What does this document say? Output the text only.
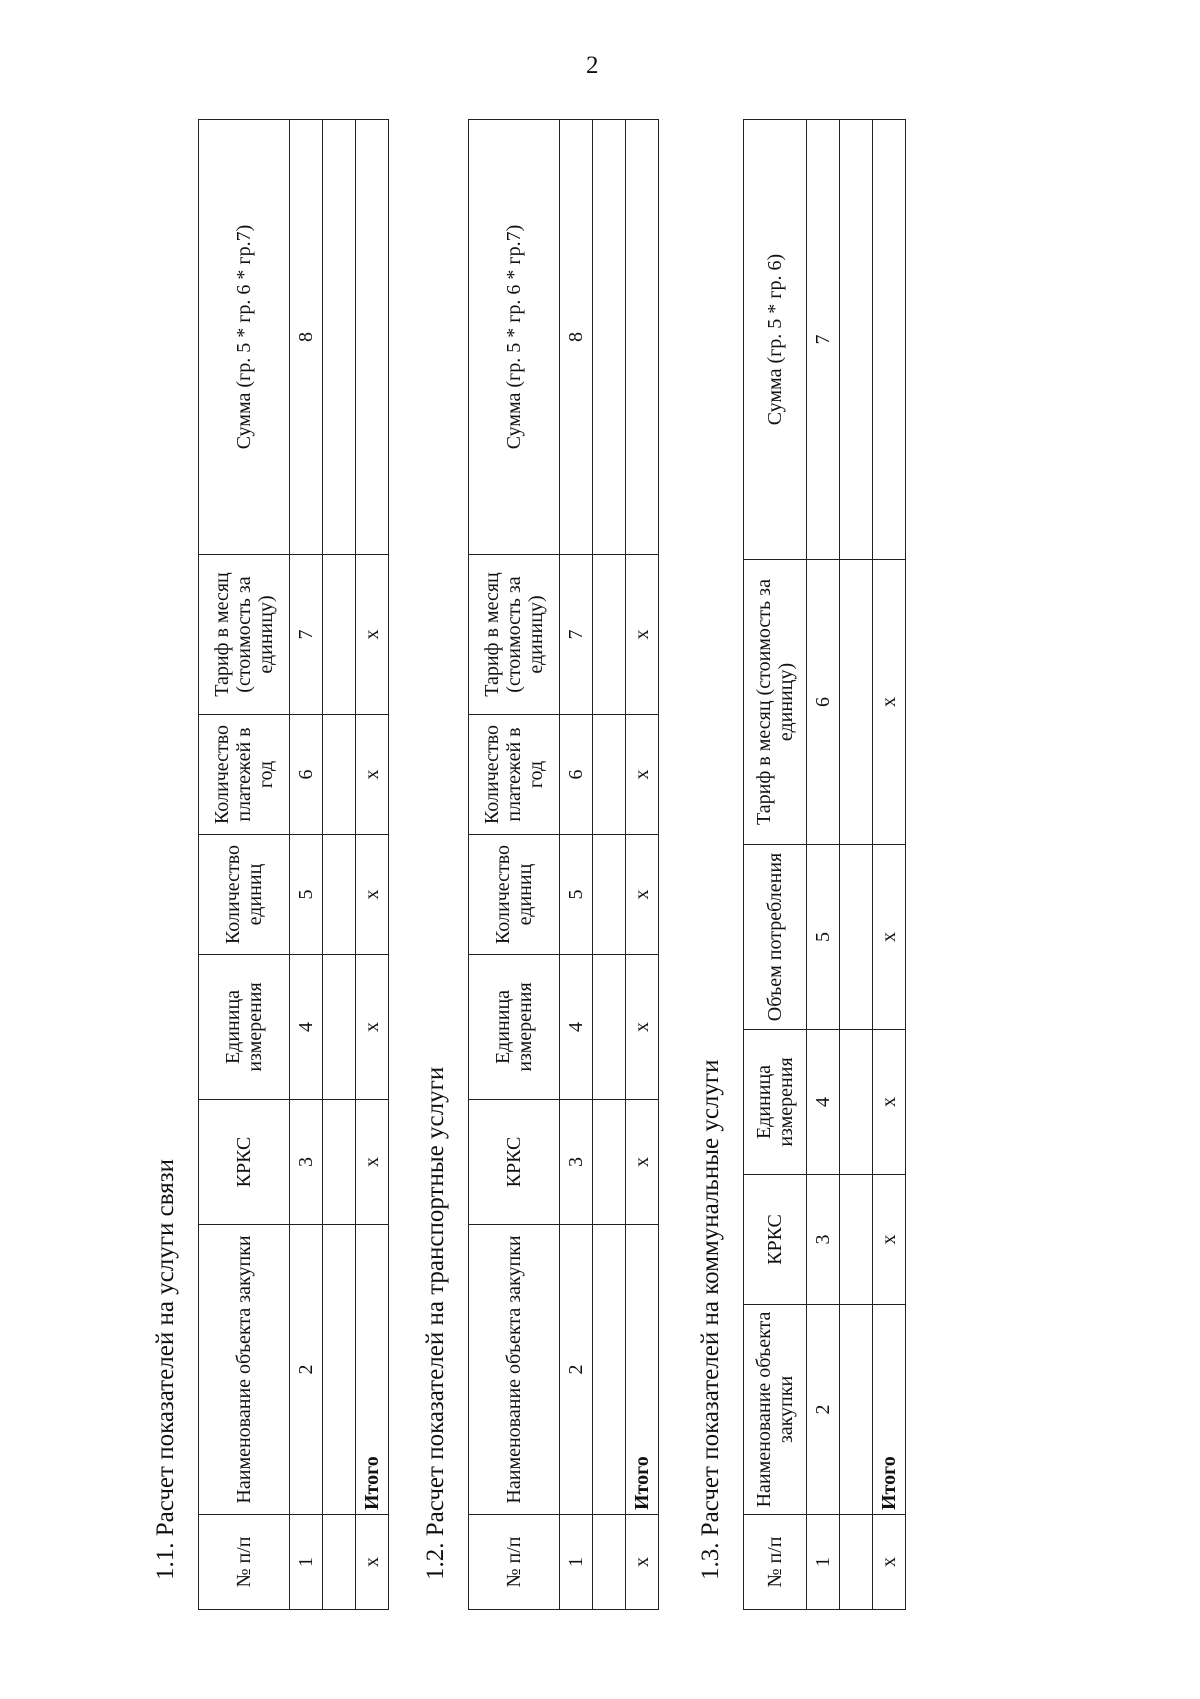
2
1.1. Расчет показателей на услуги связи	№ п/п	Наименование объекта закупки	КРКС	Единица измерения	Количество единиц	Количество платежей в год	Тариф в месяц (стоимость за единицу)	Сумма (гр. 5 * гр. 6 * гр.7)
1	2	3	4	5	6	7	8

х	Итого	х	х	х	х	х	
1.2. Расчет показателей на транспортные услуги	№ п/п	Наименование объекта закупки	КРКС	Единица измерения	Количество единиц	Количество платежей в год	Тариф в месяц (стоимость за единицу)	Сумма (гр. 5 * гр. 6 * гр.7)
1	2	3	4	5	6	7	8

х	Итого	х	х	х	х	х	
1.3. Расчет показателей на коммунальные услуги № п/п	Наименование объекта закупки	КРКС	Единица измерения	Объем потребления	Тариф в месяц (стоимость за единицу)	Сумма (гр. 5 * гр. 6)
1	2	3	4	5	6	7

х	Итого	х	х	х	х	
